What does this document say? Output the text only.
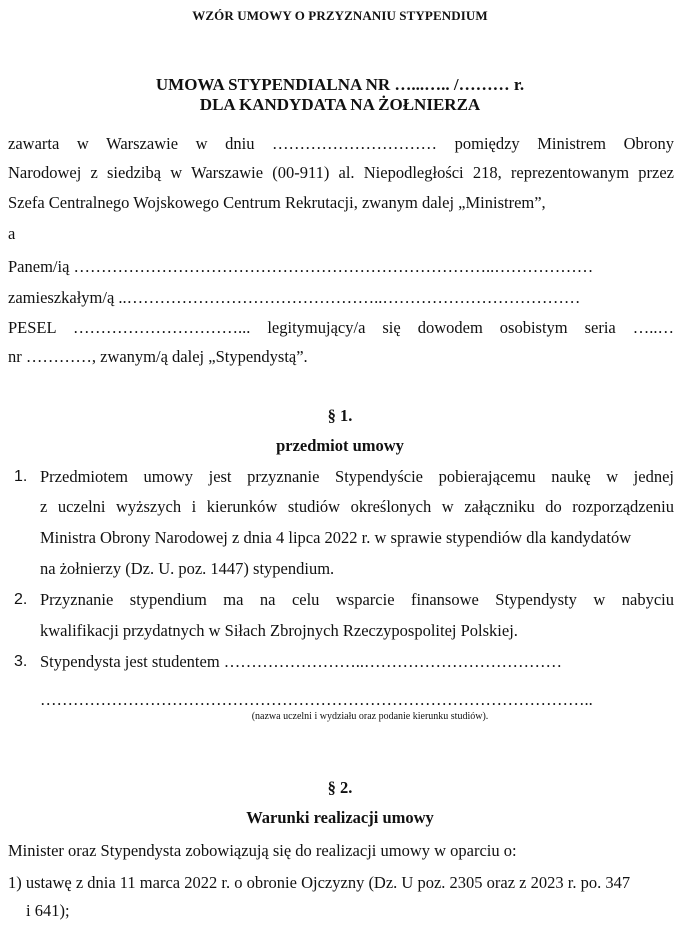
WZÓR UMOWY O PRZYZNANIU STYPENDIUM
UMOWA STYPENDIALNA NR …...….. /……… r.
DLA KANDYDATA NA ŻOŁNIERZA
zawarta w Warszawie w dniu ………………………… pomiędzy Ministrem Obrony
Narodowej z siedzibą w Warszawie (00-911) al. Niepodległości 218, reprezentowanym przez
Szefa Centralnego Wojskowego Centrum Rekrutacji, zwanym dalej „Ministrem”,
a
Panem/ią …………………………………………………………………..………………
zamieszkałym/ą ..………………………………………..………………………………
PESEL …………………………... legitymujący/a się dowodem osobistym seria …..…
nr …………, zwanym/ą dalej „Stypendystą”.
§ 1.
przedmiot umowy
1. Przedmiotem umowy jest przyznanie Stypendyście pobierającemu naukę w jednej
z uczelni wyższych i kierunków studiów określonych w załączniku do rozporządzeniu
Ministra Obrony Narodowej z dnia 4 lipca 2022 r. w sprawie stypendiów dla kandydatów
na żołnierzy (Dz. U. poz. 1447) stypendium.
2. Przyznanie stypendium ma na celu wsparcie finansowe Stypendysty w nabyciu
kwalifikacji przydatnych w Siłach Zbrojnych Rzeczypospolitej Polskiej.
3. Stypendysta jest studentem ……………………..………………………………
………………………………………………………………………………………..
(nazwa uczelni i wydziału oraz podanie kierunku studiów).
§ 2.
Warunki realizacji umowy
Minister oraz Stypendysta zobowiązują się do realizacji umowy w oparciu o:
1) ustawę z dnia 11 marca 2022 r. o obronie Ojczyzny (Dz. U poz. 2305 oraz z 2023 r. po. 347
i 641);
